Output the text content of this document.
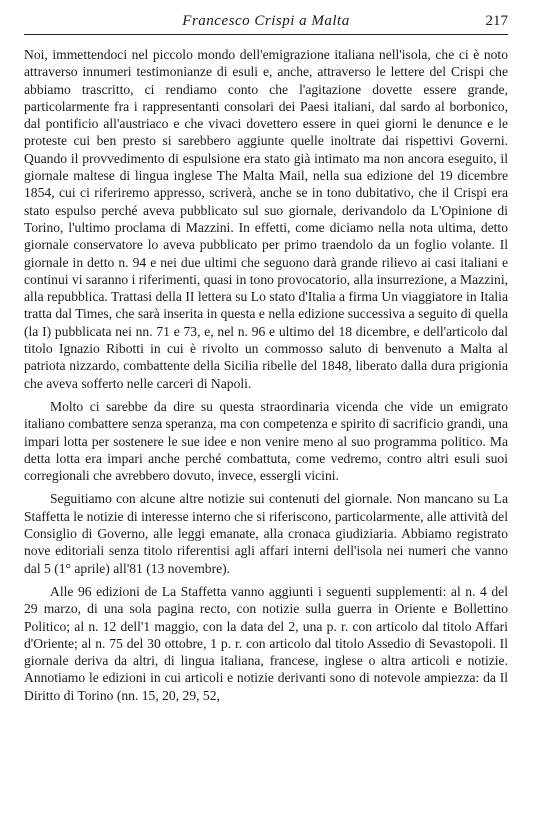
Francesco Crispi a Malta	217

Noi, immettendoci nel piccolo mondo dell'emigrazione italiana nell'isola, che ci è noto attraverso innumeri testimonianze di esuli e, anche, attraverso le lettere del Crispi che abbiamo trascritto, ci rendiamo conto che l'agitazione dovette essere grande, particolarmente fra i rappresentanti consolari dei Paesi italiani, dal sardo al borbonico, dal pontificio all'austriaco e che vivaci dovettero essere in quei giorni le denunce e le proteste cui ben presto si sarebbero aggiunte quelle inoltrate dai rispettivi Governi. Quando il provvedimento di espulsione era stato già intimato ma non ancora eseguito, il giornale maltese di lingua inglese The Malta Mail, nella sua edizione del 19 dicembre 1854, cui ci riferiremo appresso, scriverà, anche se in tono dubitativo, che il Crispi era stato espulso perché aveva pubblicato sul suo giornale, derivandolo da L'Opinione di Torino, l'ultimo proclama di Mazzini. In effetti, come diciamo nella nota ultima, detto giornale conservatore lo aveva pubblicato per primo traendolo da un foglio volante. Il giornale in detto n. 94 e nei due ultimi che seguono darà grande rilievo ai casi italiani e continui vi saranno i riferimenti, quasi in tono provocatorio, alla insurrezione, a Mazzini, alla repubblica. Trattasi della II lettera su Lo stato d'Italia a firma Un viaggiatore in Italia tratta dal Times, che sarà inserita in questa e nella edizione successiva a seguito di quella (la I) pubblicata nei nn. 71 e 73, e, nel n. 96 e ultimo del 18 dicembre, e dell'articolo dal titolo Ignazio Ribotti in cui è rivolto un commosso saluto di benvenuto a Malta al patriota nizzardo, combattente della Sicilia ribelle del 1848, liberato dalla dura prigionia che aveva sofferto nelle carceri di Napoli.

Molto ci sarebbe da dire su questa straordinaria vicenda che vide un emigrato italiano combattere senza speranza, ma con competenza e spirito di sacrificio grandi, una impari lotta per sostenere le sue idee e non venire meno al suo programma politico. Ma detta lotta era impari anche perché combattuta, come vedremo, contro altri esuli suoi corregionali che avrebbero dovuto, invece, essergli vicini.

Seguitiamo con alcune altre notizie sui contenuti del giornale. Non mancano su La Staffetta le notizie di interesse interno che si riferiscono, particolarmente, alle attività del Consiglio di Governo, alle leggi emanate, alla cronaca giudiziaria. Abbiamo registrato nove editoriali senza titolo riferentisi agli affari interni dell'isola nei numeri che vanno dal 5 (1° aprile) all'81 (13 novembre).

Alle 96 edizioni de La Staffetta vanno aggiunti i seguenti supplementi: al n. 4 del 29 marzo, di una sola pagina recto, con notizie sulla guerra in Oriente e Bollettino Politico; al n. 12 dell'1 maggio, con la data del 2, una p. r. con articolo dal titolo Affari d'Oriente; al n. 75 del 30 ottobre, 1 p. r. con articolo dal titolo Assedio di Sevastopoli. Il giornale deriva da altri, di lingua italiana, francese, inglese o altra articoli e notizie. Annotiamo le edizioni in cui articoli e notizie derivanti sono di notevole ampiezza: da Il Diritto di Torino (nn. 15, 20, 29, 52,
